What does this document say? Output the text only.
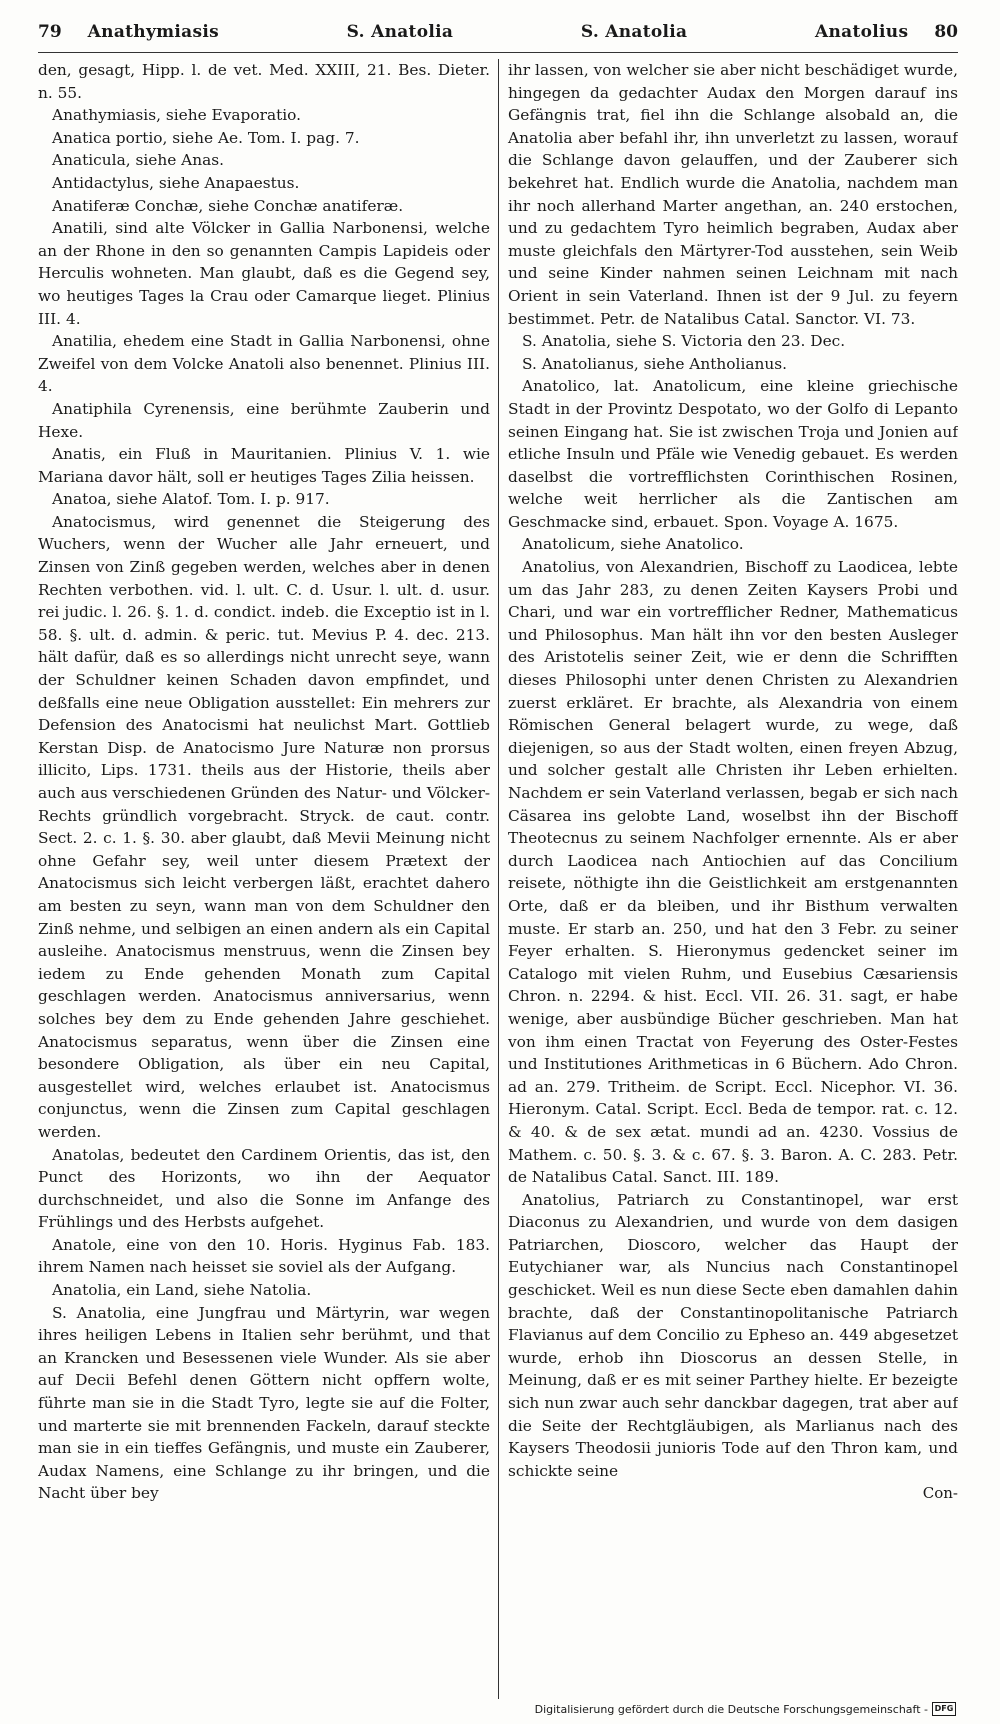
79 Anathymiasis	S. Anatolia	S. Anatolia	Anatolius 80

den, gesagt, Hipp. l. de vet. Med. XXIII, 21. Bes. Dieter. n. 55.

Anathymiasis, siehe Evaporatio.

Anatica portio, siehe Ae. Tom. I. pag. 7.

Anaticula, siehe Anas.

Antidactylus, siehe Anapaestus.

Anatiferæ Conchæ, siehe Conchæ anatiferæ.

Anatili, sind alte Völcker in Gallia Narbonensi, welche an der Rhone in den so genannten Campis Lapideis oder Herculis wohneten. Man glaubt, daß es die Gegend sey, wo heutiges Tages la Crau oder Camarque lieget. Plinius III. 4.

Anatilia, ehedem eine Stadt in Gallia Narbonensi, ohne Zweifel von dem Volcke Anatoli also benennet. Plinius III. 4.

Anatiphila Cyrenensis, eine berühmte Zauberin und Hexe.

Anatis, ein Fluß in Mauritanien. Plinius V. 1. wie Mariana davor hält, soll er heutiges Tages Zilia heissen.

Anatoa, siehe Alatof. Tom. I. p. 917.

Anatocismus, wird genennet die Steigerung des Wuchers, wenn der Wucher alle Jahr erneuert, und Zinsen von Zinß gegeben werden, welches aber in denen Rechten verbothen. vid. l. ult. C. d. Usur. l. ult. d. usur. rei judic. l. 26. §. 1. d. condict. indeb. die Exceptio ist in l. 58. §. ult. d. admin. & peric. tut. Mevius P. 4. dec. 213. hält dafür, daß es so allerdings nicht unrecht seye, wann der Schuldner keinen Schaden davon empfindet, und deßfalls eine neue Obligation ausstellet: Ein mehrers zur Defension des Anatocismi hat neulichst Mart. Gottlieb Kerstan Disp. de Anatocismo Jure Naturæ non prorsus illicito, Lips. 1731. theils aus der Historie, theils aber auch aus verschiedenen Gründen des Natur- und Völcker-Rechts gründlich vorgebracht. Stryck. de caut. contr. Sect. 2. c. 1. §. 30. aber glaubt, daß Mevii Meinung nicht ohne Gefahr sey, weil unter diesem Prætext der Anatocismus sich leicht verbergen läßt, erachtet dahero am besten zu seyn, wann man von dem Schuldner den Zinß nehme, und selbigen an einen andern als ein Capital ausleihe. Anatocismus menstruus, wenn die Zinsen bey iedem zu Ende gehenden Monath zum Capital geschlagen werden. Anatocismus anniversarius, wenn solches bey dem zu Ende gehenden Jahre geschiehet. Anatocismus separatus, wenn über die Zinsen eine besondere Obligation, als über ein neu Capital, ausgestellet wird, welches erlaubet ist. Anatocismus conjunctus, wenn die Zinsen zum Capital geschlagen werden.

Anatolas, bedeutet den Cardinem Orientis, das ist, den Punct des Horizonts, wo ihn der Aequator durchschneidet, und also die Sonne im Anfange des Frühlings und des Herbsts aufgehet.

Anatole, eine von den 10. Horis. Hyginus Fab. 183. ihrem Namen nach heisset sie soviel als der Aufgang.

Anatolia, ein Land, siehe Natolia.

S. Anatolia, eine Jungfrau und Märtyrin, war wegen ihres heiligen Lebens in Italien sehr berühmt, und that an Krancken und Besessenen viele Wunder. Als sie aber auf Decii Befehl denen Göttern nicht opffern wolte, führte man sie in die Stadt Tyro, legte sie auf die Folter, und marterte sie mit brennenden Fackeln, darauf steckte man sie in ein tieffes Gefängnis, und muste ein Zauberer, Audax Namens, eine Schlange zu ihr bringen, und die Nacht über bey

ihr lassen, von welcher sie aber nicht beschädiget wurde, hingegen da gedachter Audax den Morgen darauf ins Gefängnis trat, fiel ihn die Schlange alsobald an, die Anatolia aber befahl ihr, ihn unverletzt zu lassen, worauf die Schlange davon gelauffen, und der Zauberer sich bekehret hat. Endlich wurde die Anatolia, nachdem man ihr noch allerhand Marter angethan, an. 240 erstochen, und zu gedachtem Tyro heimlich begraben, Audax aber muste gleichfals den Märtyrer-Tod ausstehen, sein Weib und seine Kinder nahmen seinen Leichnam mit nach Orient in sein Vaterland. Ihnen ist der 9 Jul. zu feyern bestimmet. Petr. de Natalibus Catal. Sanctor. VI. 73.

S. Anatolia, siehe S. Victoria den 23. Dec.

S. Anatolianus, siehe Antholianus.

Anatolico, lat. Anatolicum, eine kleine griechische Stadt in der Provintz Despotato, wo der Golfo di Lepanto seinen Eingang hat. Sie ist zwischen Troja und Jonien auf etliche Insuln und Pfäle wie Venedig gebauet. Es werden daselbst die vortrefflichsten Corinthischen Rosinen, welche weit herrlicher als die Zantischen am Geschmacke sind, erbauet. Spon. Voyage A. 1675.

Anatolicum, siehe Anatolico.

Anatolius, von Alexandrien, Bischoff zu Laodicea, lebte um das Jahr 283, zu denen Zeiten Kaysers Probi und Chari, und war ein vortrefflicher Redner, Mathematicus und Philosophus. Man hält ihn vor den besten Ausleger des Aristotelis seiner Zeit, wie er denn die Schrifften dieses Philosophi unter denen Christen zu Alexandrien zuerst erkläret. Er brachte, als Alexandria von einem Römischen General belagert wurde, zu wege, daß diejenigen, so aus der Stadt wolten, einen freyen Abzug, und solcher gestalt alle Christen ihr Leben erhielten. Nachdem er sein Vaterland verlassen, begab er sich nach Cäsarea ins gelobte Land, woselbst ihn der Bischoff Theotecnus zu seinem Nachfolger ernennte. Als er aber durch Laodicea nach Antiochien auf das Concilium reisete, nöthigte ihn die Geistlichkeit am erstgenannten Orte, daß er da bleiben, und ihr Bisthum verwalten muste. Er starb an. 250, und hat den 3 Febr. zu seiner Feyer erhalten. S. Hieronymus gedencket seiner im Catalogo mit vielen Ruhm, und Eusebius Cæsariensis Chron. n. 2294. & hist. Eccl. VII. 26. 31. sagt, er habe wenige, aber ausbündige Bücher geschrieben. Man hat von ihm einen Tractat von Feyerung des Oster-Festes und Institutiones Arithmeticas in 6 Büchern. Ado Chron. ad an. 279. Tritheim. de Script. Eccl. Nicephor. VI. 36. Hieronym. Catal. Script. Eccl. Beda de tempor. rat. c. 12. & 40. & de sex ætat. mundi ad an. 4230. Vossius de Mathem. c. 50. §. 3. & c. 67. §. 3. Baron. A. C. 283. Petr. de Natalibus Catal. Sanct. III. 189.

Anatolius, Patriarch zu Constantinopel, war erst Diaconus zu Alexandrien, und wurde von dem dasigen Patriarchen, Dioscoro, welcher das Haupt der Eutychianer war, als Nuncius nach Constantinopel geschicket. Weil es nun diese Secte eben damahlen dahin brachte, daß der Constantinopolitanische Patriarch Flavianus auf dem Concilio zu Epheso an. 449 abgesetzet wurde, erhob ihn Dioscorus an dessen Stelle, in Meinung, daß er es mit seiner Parthey hielte. Er bezeigte sich nun zwar auch sehr danckbar dagegen, trat aber auf die Seite der Rechtgläubigen, als Marlianus nach des Kaysers Theodosii junioris Tode auf den Thron kam, und schickte seine

Con-
Digitalisierung gefördert durch die Deutsche Forschungsgemeinschaft - DFG
